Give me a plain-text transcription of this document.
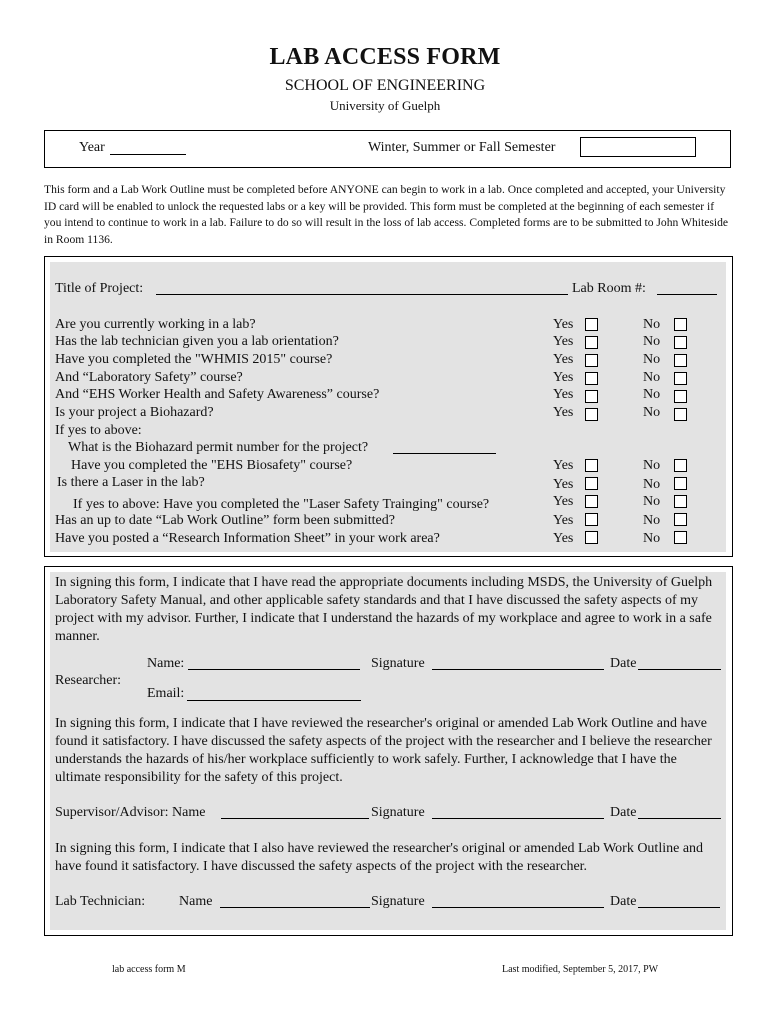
LAB ACCESS FORM
SCHOOL OF ENGINEERING
University of Guelph
Year	Winter, Summer or Fall Semester
This form and a Lab Work Outline must be completed before ANYONE can begin to work in a lab. Once completed and accepted, your University ID card will be enabled to unlock the requested labs or a key will be provided. This form must be completed at the beginning of each semester if you intend to continue to work in a lab. Failure to do so will result in the loss of lab access. Completed forms are to be submitted to John Whiteside in Room 1136.
Title of Project:	Lab Room #:
Are you currently working in a lab?	Yes	No
Has the lab technician given you a lab orientation?	Yes	No
Have you completed the "WHMIS 2015" course?	Yes	No
And “Laboratory Safety” course?	Yes	No
And “EHS Worker Health and Safety Awareness” course?	Yes	No
Is your project a Biohazard?	Yes	No
If yes to above:
What is the Biohazard permit number for the project?
Have you completed the "EHS Biosafety" course?	Yes	No
Is there a Laser in the lab?	Yes	No
If yes to above: Have you completed the "Laser Safety Trainging" course?	Yes	No
Has an up to date “Lab Work Outline” form been submitted?	Yes	No
Have you posted a “Research Information Sheet” in your work area?	Yes	No
In signing this form, I indicate that I have read the appropriate documents including MSDS, the University of Guelph Laboratory Safety Manual, and other applicable safety standards and that I have discussed the safety aspects of my project with my advisor. Further, I indicate that I understand the hazards of my workplace and agree to work in a safe manner.
Name:	Signature	Date
Researcher:
Email:
In signing this form, I indicate that I have reviewed the researcher's original or amended Lab Work Outline and have found it satisfactory. I have discussed the safety aspects of the project with the researcher and I believe the researcher understands the hazards of his/her workplace sufficiently to work safely. Further, I acknowledge that I have the ultimate responsibility for the safety of this project.
Supervisor/Advisor: Name	Signature	Date
In signing this form, I indicate that I also have reviewed the researcher's original or amended Lab Work Outline and have found it satisfactory. I have discussed the safety aspects of the project with the researcher.
Lab Technician: Name	Signature	Date
lab access form M	Last modified, September 5, 2017, PW
